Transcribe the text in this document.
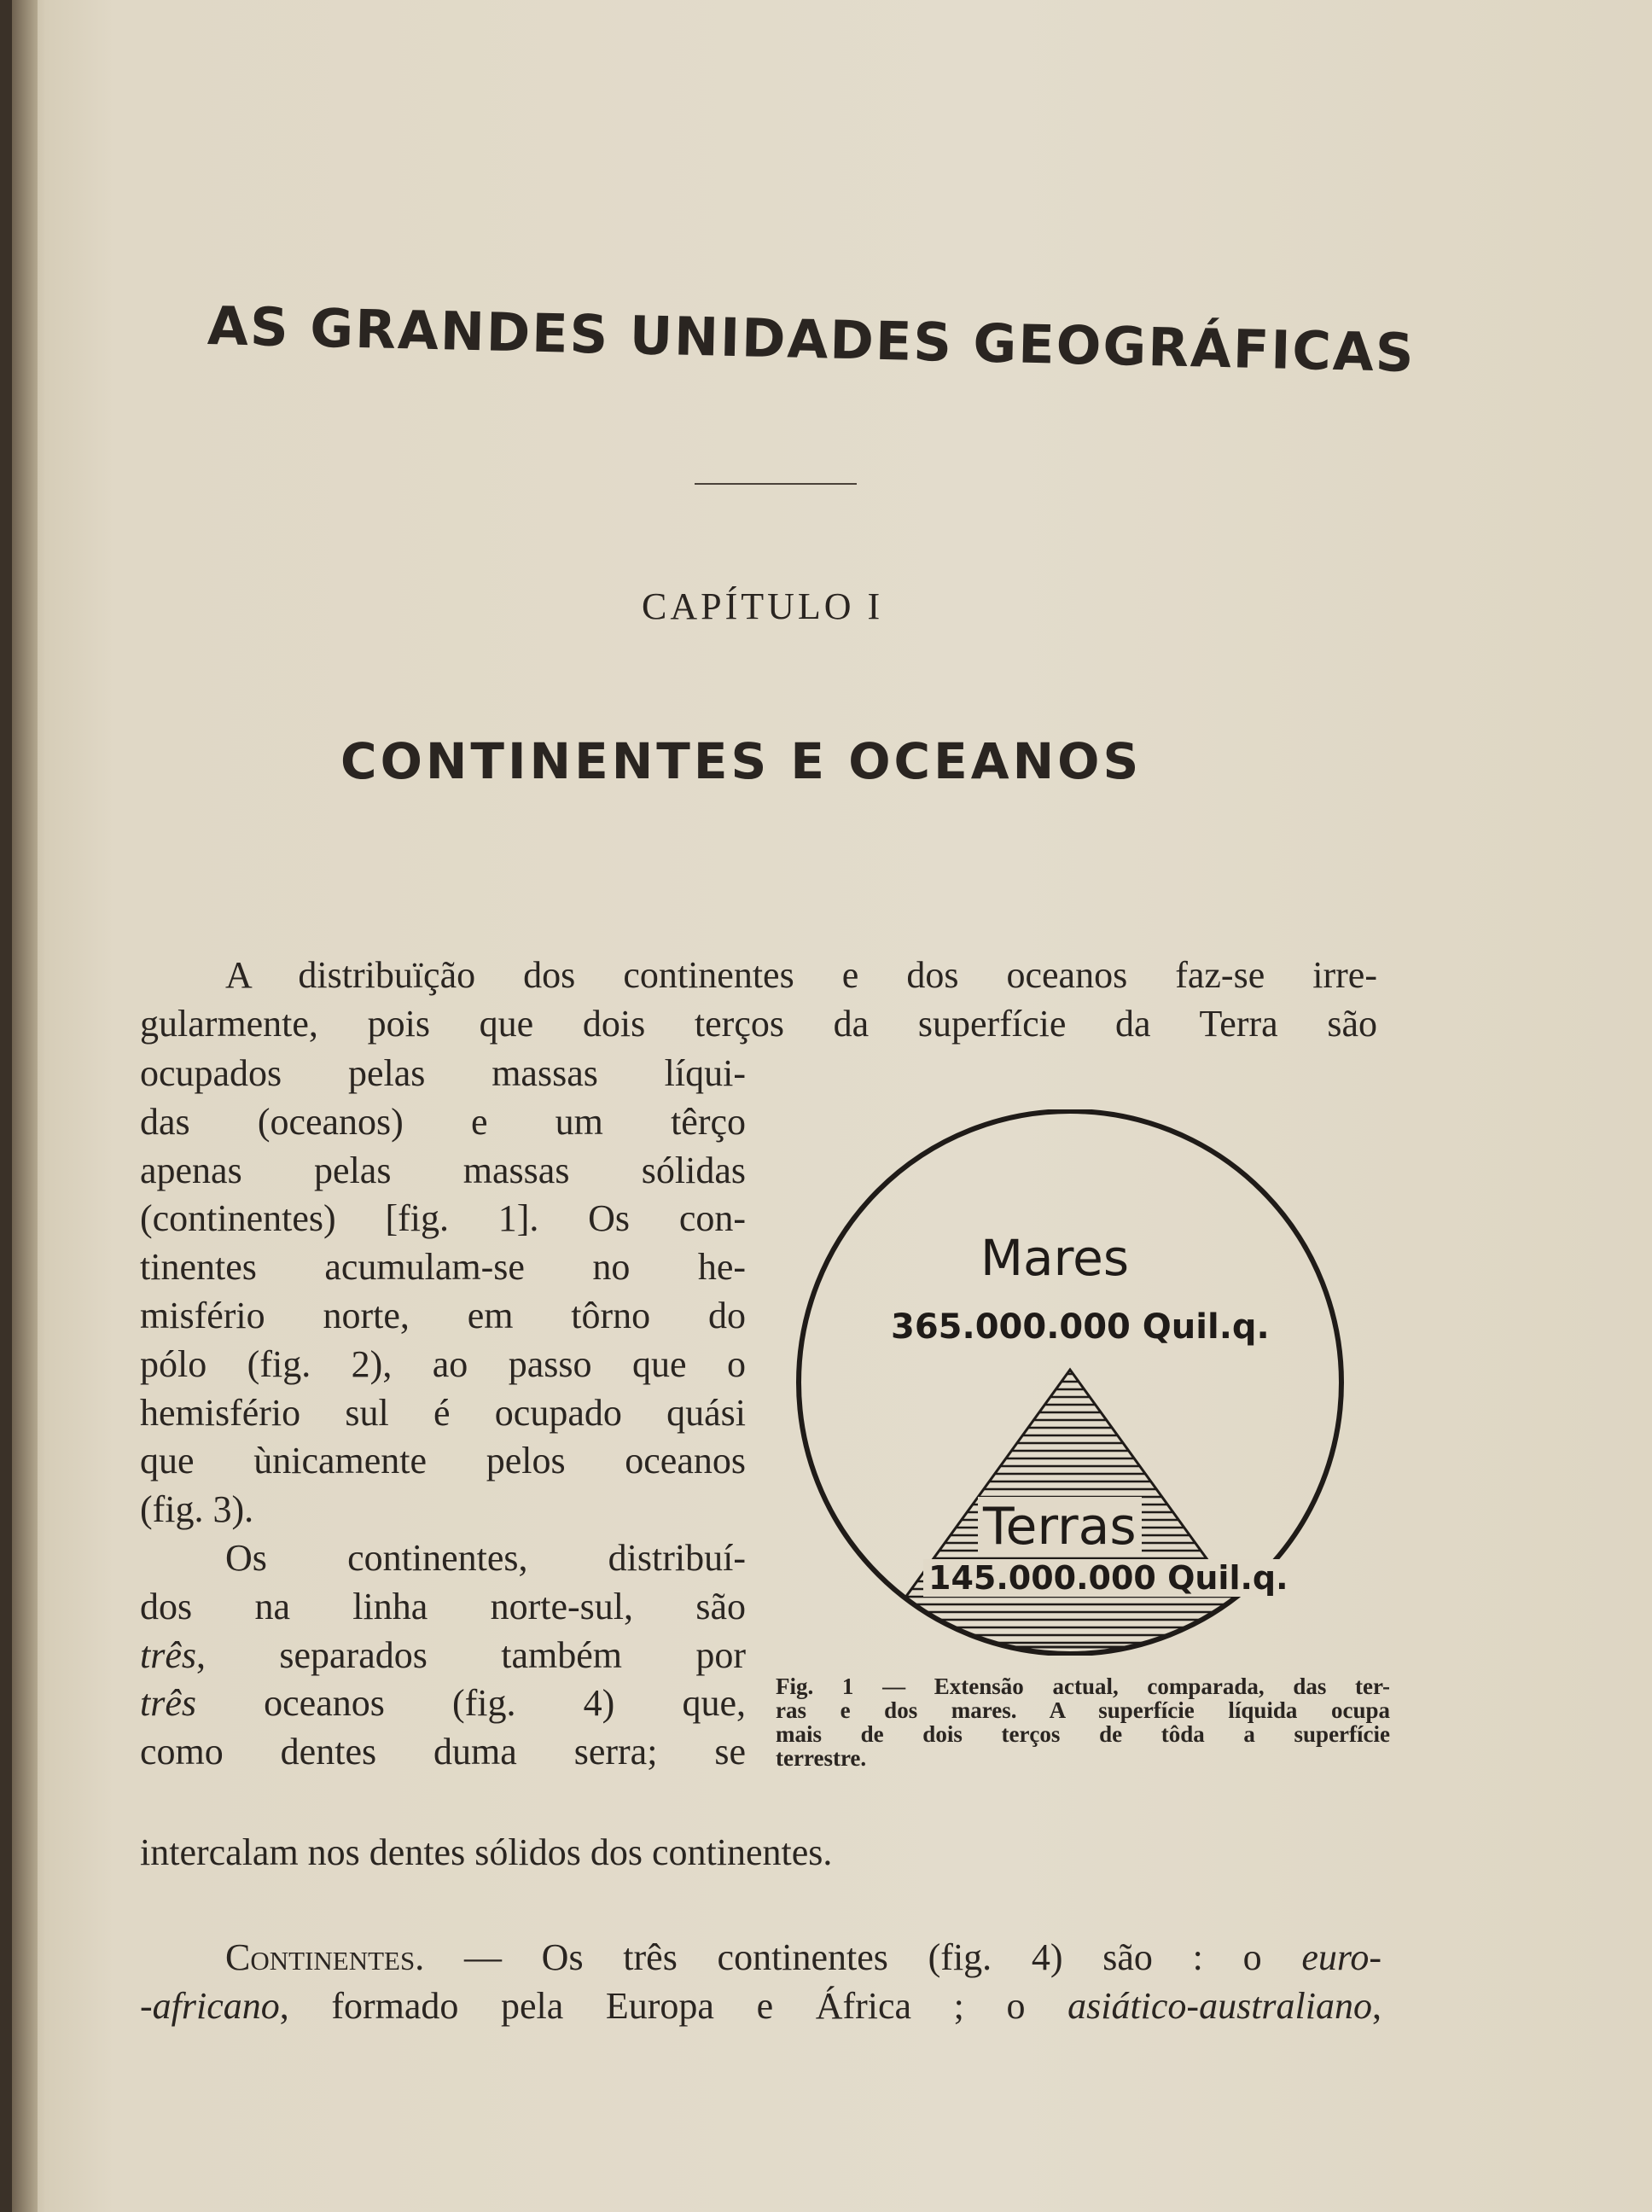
AS GRANDES UNIDADES GEOGRÁFICAS
CAPÍTULO I
CONTINENTES E OCEANOS
A distribuïção dos continentes e dos oceanos faz-se irre-
gularmente, pois que dois terços da superfície da Terra são
ocupados pelas massas líqui-
das (oceanos) e um têrço
apenas pelas massas sólidas
(continentes) [fig. 1]. Os con-
tinentes acumulam-se no he-
misfério norte, em tôrno do
pólo (fig. 2), ao passo que o
hemisfério sul é ocupado quási
que ùnicamente pelos oceanos
(fig. 3).
Os continentes, distribuí-
dos na linha norte-sul, são
três, separados também por
três oceanos (fig. 4) que,
como dentes duma serra; se
intercalam nos dentes sólidos dos continentes.
Continentes. — Os três continentes (fig. 4) são : o euro-
-africano, formado pela Europa e África ; o asiático-australiano,
Mares
365.000.000 Quil.q.
Terras
145.000.000 Quil.q.
Fig. 1 — Extensão actual, comparada, das ter-
ras e dos mares. A superfície líquida ocupa
mais de dois terços de tôda a superfície
terrestre.
